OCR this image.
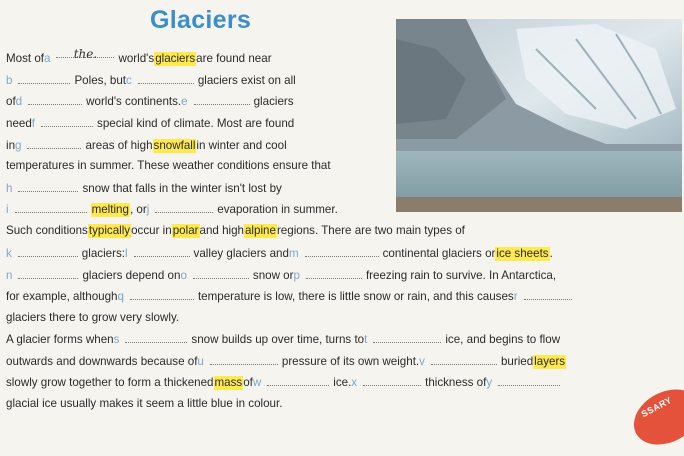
Glaciers
Most ofa the.world'sglaciersare found near
b	Poles, butc	glaciers exist on all
ofd	world's continents.e	glaciers
needf	special kind of climate. Most are found
ing	areas of highsnowfallin winter and cool
temperatures in summer. These weather conditions ensure that
h	snow that falls in the winter isn't lost by
i	melting, orj	evaporation in summer.
Such conditionstypicallyoccur inpolarand highalpineregions. There are two main types of
k	glaciers:l	valley glaciers andm	continental glaciers orice sheets.
n	glaciers depend ono	snow orp	freezing rain to survive. In Antarctica,
for example, althoughq	temperature is low, there is little snow or rain, and this causesr
glaciers there to grow very slowly.
A glacier forms whens	snow builds up over time, turns tot	ice, and begins to flow
outwards and downwards because ofu	pressure of its own weight.v	buriedlayers
slowly grow together to form a thickenedmassofw	ice.x	thickness ofy
glacial ice usually makes it seem a little blue in colour.	SSARY
